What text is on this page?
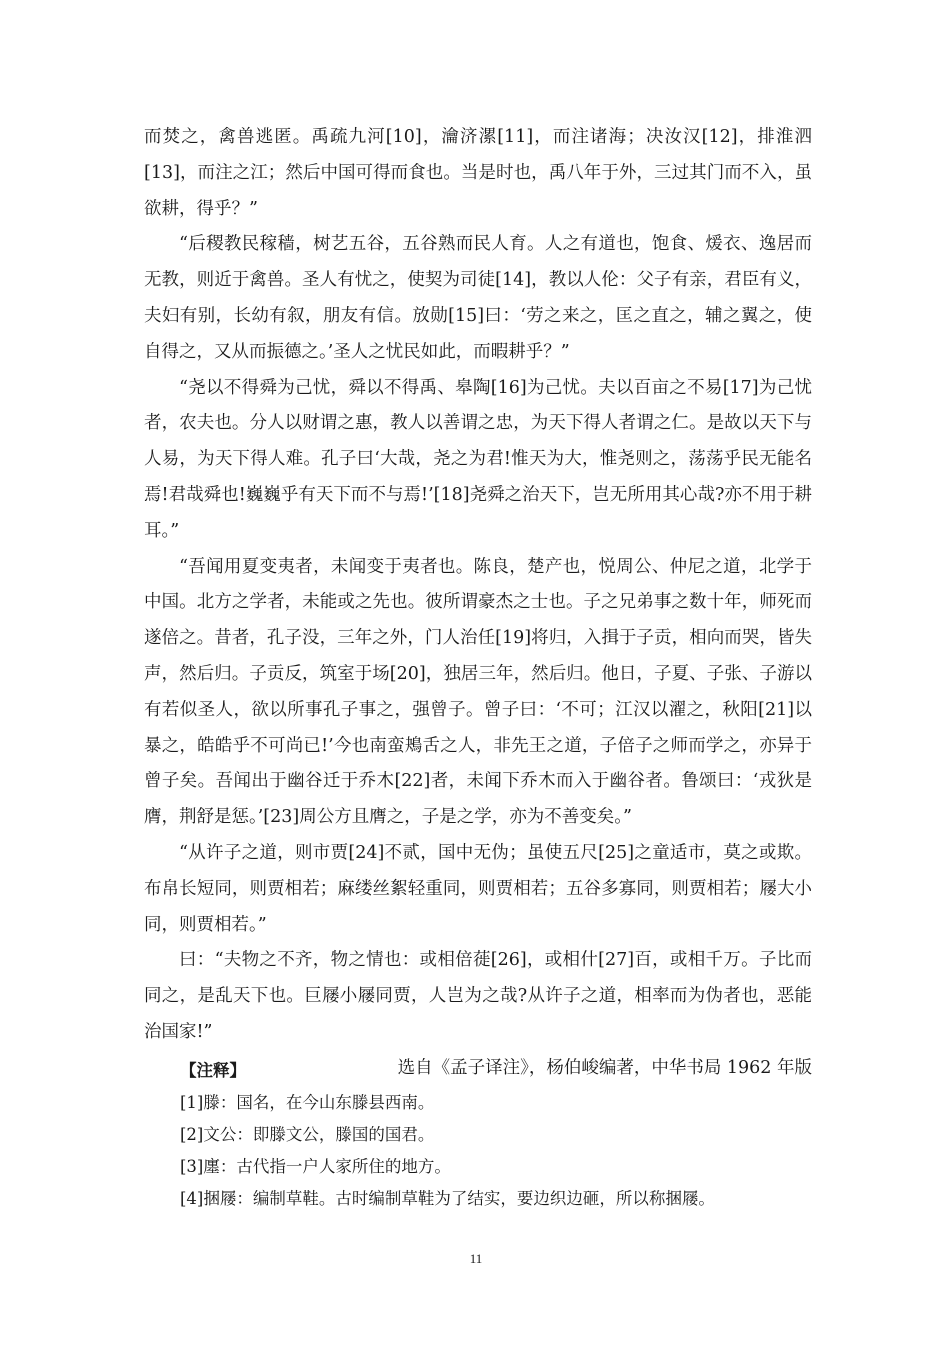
而焚之，禽兽逃匿。禹疏九河[10]，瀹济漯[11]，而注诸海；决汝汉[12]，排淮泗[13]，而注之江；然后中国可得而食也。当是时也，禹八年于外，三过其门而不入，虽欲耕，得乎？”

“后稷教民稼穑，树艺五谷，五谷熟而民人育。人之有道也，饱食、煖衣、逸居而无教，则近于禽兽。圣人有忧之，使契为司徒[14]，教以人伦：父子有亲，君臣有义，夫妇有别，长幼有叙，朋友有信。放勋[15]曰：‘劳之来之，匡之直之，辅之翼之，使自得之，又从而振德之。’圣人之忧民如此，而暇耕乎？”

“尧以不得舜为己忧，舜以不得禹、皋陶[16]为己忧。夫以百亩之不易[17]为己忧者，农夫也。分人以财谓之惠，教人以善谓之忠，为天下得人者谓之仁。是故以天下与人易，为天下得人难。孔子曰‘大哉，尧之为君!惟天为大，惟尧则之，荡荡乎民无能名焉!君哉舜也!巍巍乎有天下而不与焉!’[18]尧舜之治天下，岂无所用其心哉?亦不用于耕耳。”

“吾闻用夏变夷者，未闻变于夷者也。陈良，楚产也，悦周公、仲尼之道，北学于中国。北方之学者，未能或之先也。彼所谓豪杰之士也。子之兄弟事之数十年，师死而遂倍之。昔者，孔子没，三年之外，门人治任[19]将归，入揖于子贡，相向而哭，皆失声，然后归。子贡反，筑室于场[20]，独居三年，然后归。他日，子夏、子张、子游以有若似圣人，欲以所事孔子事之，强曾子。曾子曰：‘不可；江汉以濯之，秋阳[21]以暴之，皓皓乎不可尚已!’今也南蛮鴂舌之人，非先王之道，子倍子之师而学之，亦异于曾子矣。吾闻出于幽谷迁于乔木[22]者，未闻下乔木而入于幽谷者。鲁颂曰：‘戎狄是膺，荆舒是惩。’[23]周公方且膺之，子是之学，亦为不善变矣。”

“从许子之道，则市贾[24]不贰，国中无伪；虽使五尺[25]之童适市，莫之或欺。布帛长短同，则贾相若；麻缕丝絮轻重同，则贾相若；五谷多寡同，则贾相若；屦大小同，则贾相若。”

曰：“夫物之不齐，物之情也：或相倍蓰[26]，或相什[27]百，或相千万。子比而同之，是乱天下也。巨屦小屦同贾，人岂为之哉?从许子之道，相率而为伪者也，恶能治国家!”

选自《孟子译注》，杨伯峻编著，中华书局 1962 年版

【注释】

[1]滕：国名，在今山东滕县西南。

[2]文公：即滕文公，滕国的国君。

[3]廛：古代指一户人家所住的地方。

[4]捆屦：编制草鞋。古时编制草鞋为了结实，要边织边砸，所以称捆屦。

11
